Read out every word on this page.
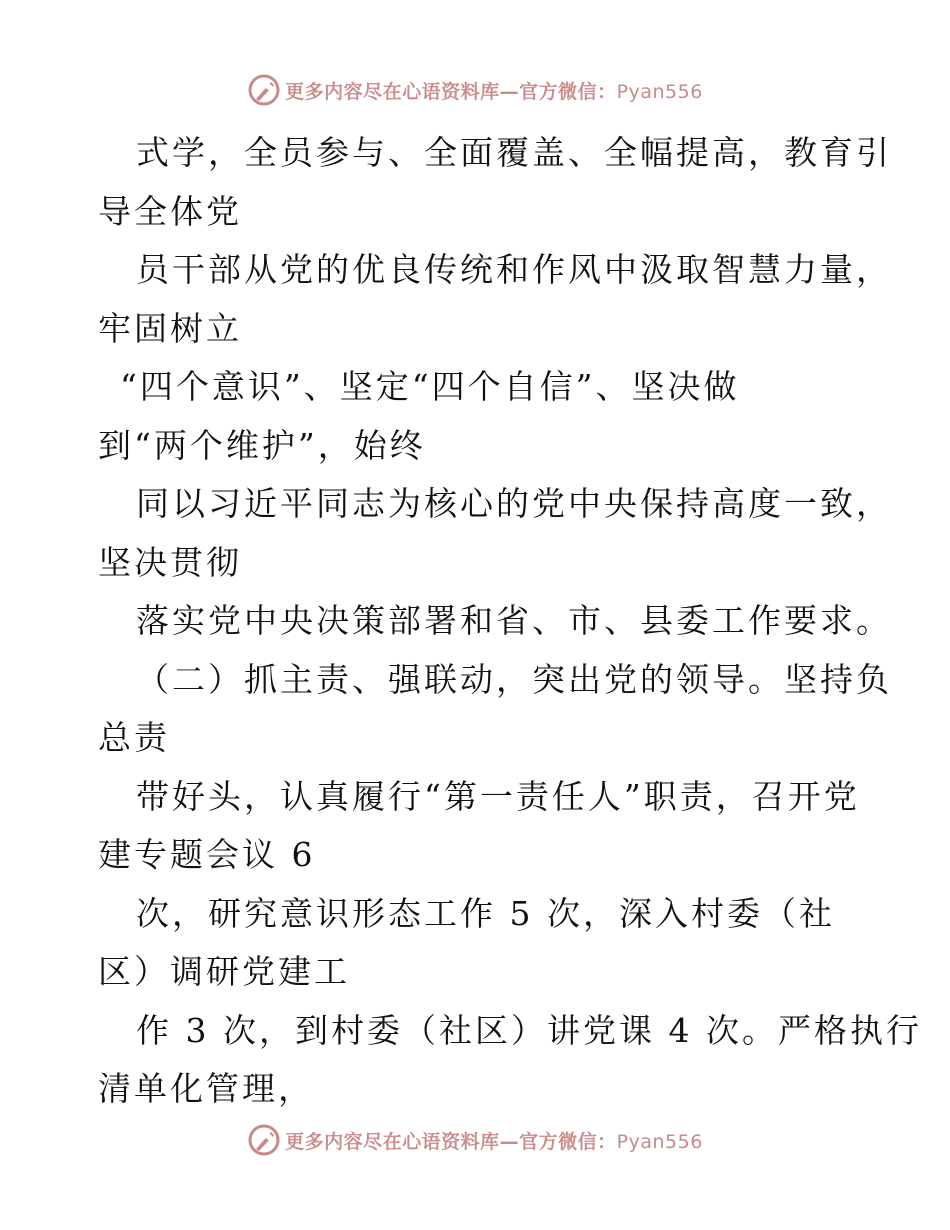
更多内容尽在心语资料库—官方微信：Pyan556
式学，全员参与、全面覆盖、全幅提高，教育引
导全体党
员干部从党的优良传统和作风中汲取智慧力量，
牢固树立
“四个意识”、坚定“四个自信”、坚决做
到“两个维护”，始终
同以习近平同志为核心的党中央保持高度一致，
坚决贯彻
落实党中央决策部署和省、市、县委工作要求。
（二）抓主责、强联动，突出党的领导。坚持负
总责
带好头，认真履行“第一责任人”职责，召开党
建专题会议 6
次，研究意识形态工作 5 次，深入村委（社
区）调研党建工
作 3 次，到村委（社区）讲党课 4 次。严格执行
清单化管理，
更多内容尽在心语资料库—官方微信：Pyan556
